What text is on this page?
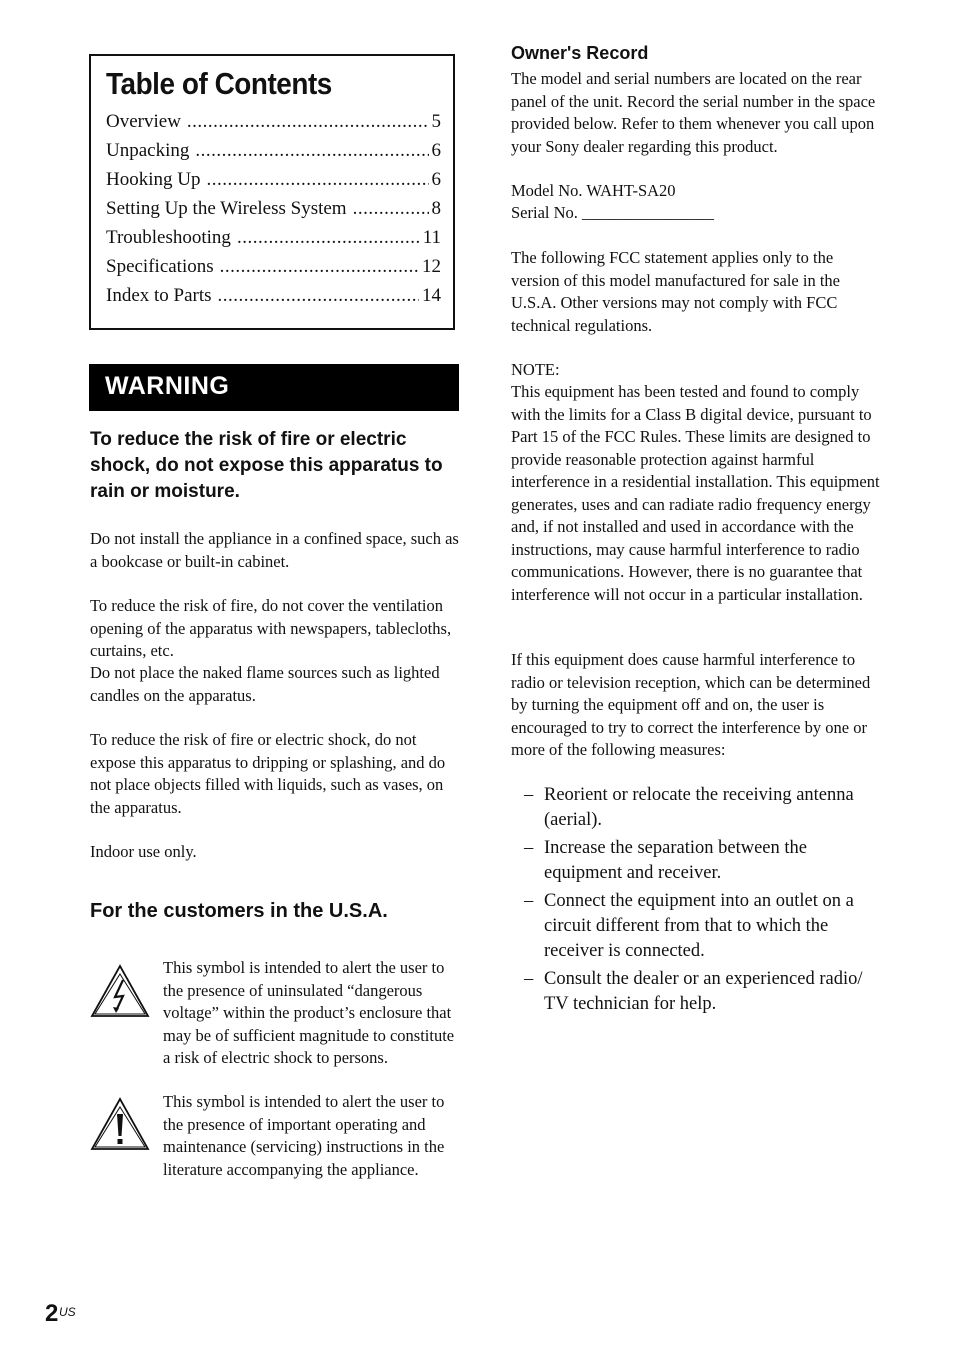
Table of Contents
Overview .....	5
Unpacking .....	6
Hooking Up .....	6
Setting Up the Wireless System .....	8
Troubleshooting .....	11
Specifications .....	12
Index to Parts .....	14
WARNING

To reduce the risk of fire or electric shock, do not expose this apparatus to rain or moisture.

Do not install the appliance in a confined space, such as a bookcase or built-in cabinet.

To reduce the risk of fire, do not cover the ventilation opening of the apparatus with newspapers, tablecloths, curtains, etc.

Do not place the naked flame sources such as lighted candles on the apparatus.

To reduce the risk of fire or electric shock, do not expose this apparatus to dripping or splashing, and do not place objects filled with liquids, such as vases, on the apparatus.

Indoor use only.

For the customers in the U.S.A.

This symbol is intended to alert the user to the presence of uninsulated “dangerous voltage” within the product’s enclosure that may be of sufficient magnitude to constitute a risk of electric shock to persons.

This symbol is intended to alert the user to the presence of important operating and maintenance (servicing) instructions in the literature accompanying the appliance.

2 US
Owner's Record

The model and serial numbers are located on the rear panel of the unit. Record the serial number in the space provided below. Refer to them whenever you call upon your Sony dealer regarding this product.

Model No. WAHT-SA20

Serial No. ________________

The following FCC statement applies only to the version of this model manufactured for sale in the U.S.A. Other versions may not comply with FCC technical regulations.

NOTE:

This equipment has been tested and found to comply with the limits for a Class B digital device, pursuant to Part 15 of the FCC Rules. These limits are designed to provide reasonable protection against harmful interference in a residential installation. This equipment generates, uses and can radiate radio frequency energy and, if not installed and used in accordance with the instructions, may cause harmful interference to radio communications. However, there is no guarantee that interference will not occur in a particular installation.

If this equipment does cause harmful interference to radio or television reception, which can be determined by turning the equipment off and on, the user is encouraged to try to correct the interference by one or more of the following measures:

– Reorient or relocate the receiving antenna (aerial).
– Increase the separation between the equipment and receiver.
– Connect the equipment into an outlet on a circuit different from that to which the receiver is connected.
– Consult the dealer or an experienced radio/ TV technician for help.
